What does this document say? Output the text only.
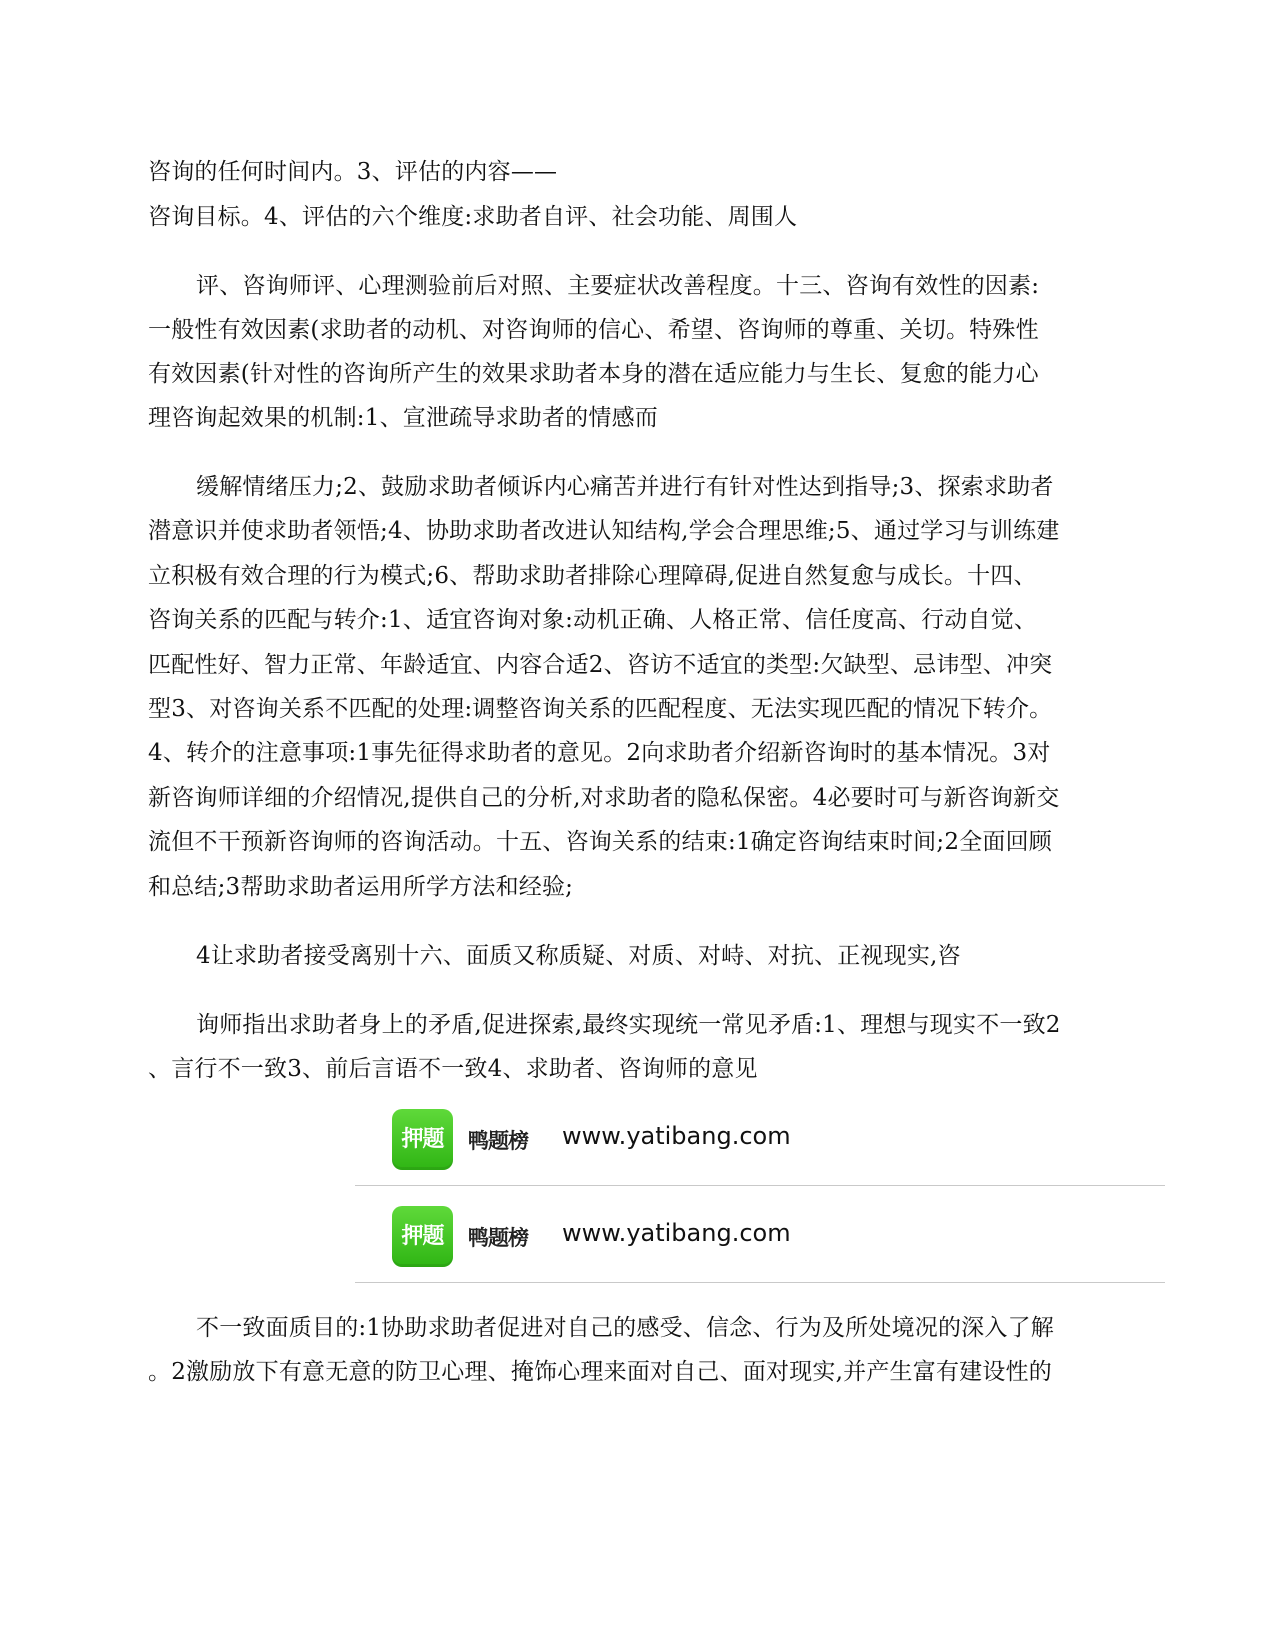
咨询的任何时间内。3、评估的内容——
咨询目标。4、评估的六个维度:求助者自评、社会功能、周围人
评、咨询师评、心理测验前后对照、主要症状改善程度。十三、咨询有效性的因素:
一般性有效因素(求助者的动机、对咨询师的信心、希望、咨询师的尊重、关切。特殊性
有效因素(针对性的咨询所产生的效果求助者本身的潜在适应能力与生长、复愈的能力心
理咨询起效果的机制:1、宣泄疏导求助者的情感而
缓解情绪压力;2、鼓励求助者倾诉内心痛苦并进行有针对性达到指导;3、探索求助者
潜意识并使求助者领悟;4、协助求助者改进认知结构,学会合理思维;5、通过学习与训练建
立积极有效合理的行为模式;6、帮助求助者排除心理障碍,促进自然复愈与成长。十四、
咨询关系的匹配与转介:1、适宜咨询对象:动机正确、人格正常、信任度高、行动自觉、
匹配性好、智力正常、年龄适宜、内容合适2、咨访不适宜的类型:欠缺型、忌讳型、冲突
型3、对咨询关系不匹配的处理:调整咨询关系的匹配程度、无法实现匹配的情况下转介。
4、转介的注意事项:1事先征得求助者的意见。2向求助者介绍新咨询时的基本情况。3对
新咨询师详细的介绍情况,提供自己的分析,对求助者的隐私保密。4必要时可与新咨询新交
流但不干预新咨询师的咨询活动。十五、咨询关系的结束:1确定咨询结束时间;2全面回顾
和总结;3帮助求助者运用所学方法和经验;
4让求助者接受离别十六、面质又称质疑、对质、对峙、对抗、正视现实,咨
询师指出求助者身上的矛盾,促进探索,最终实现统一常见矛盾:1、理想与现实不一致2
、言行不一致3、前后言语不一致4、求助者、咨询师的意见
押题	鸭题榜 www.yatibang.com
押题	鸭题榜 www.yatibang.com
不一致面质目的:1协助求助者促进对自己的感受、信念、行为及所处境况的深入了解
。2激励放下有意无意的防卫心理、掩饰心理来面对自己、面对现实,并产生富有建设性的
